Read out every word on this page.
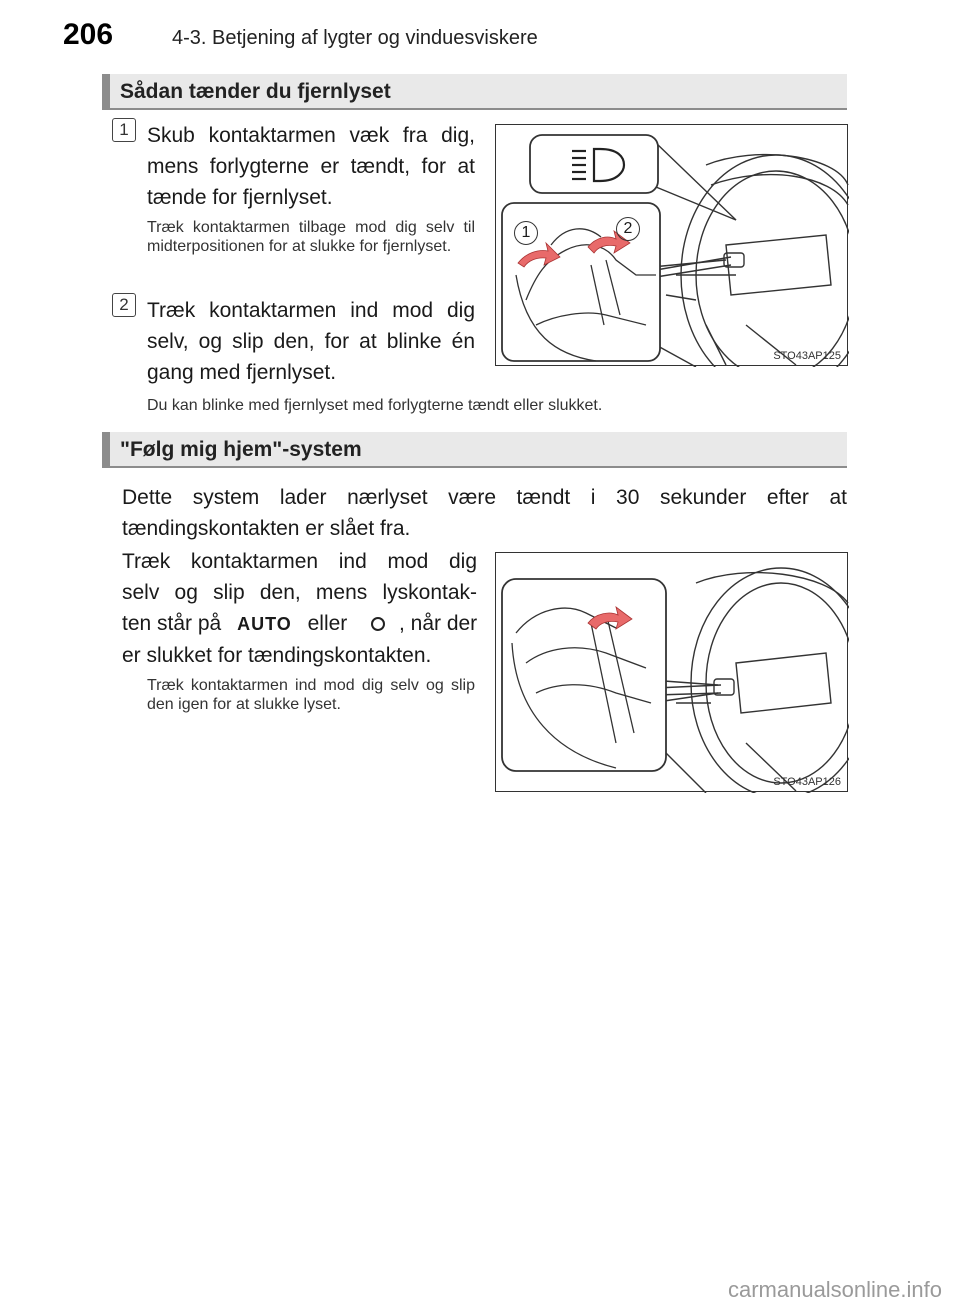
206	4-3. Betjening af lygter og vinduesviskere
Sådan tænder du fjernlyset
1 Skub kontaktarmen væk fra dig, mens forlygterne er tændt, for at tænde for fjernlyset.
Træk kontaktarmen tilbage mod dig selv til midterpositionen for at slukke for fjernlyset.
2 Træk kontaktarmen ind mod dig selv, og slip den, for at blinke én gang med fjernlyset.
Du kan blinke med fjernlyset med forlygterne tændt eller slukket.
1	2
STO43AP125
"Følg mig hjem"-system
Dette system lader nærlyset være tændt i 30 sekunder efter at tændingskontakten er slået fra.
Træk kontaktarmen ind mod dig
selv og slip den, mens lyskontak-
ten står på AUTO eller , når der
er slukket for tændingskontakten.
Træk kontaktarmen ind mod dig selv og slip den igen for at slukke lyset.
STO43AP126
carmanualsonline.info
